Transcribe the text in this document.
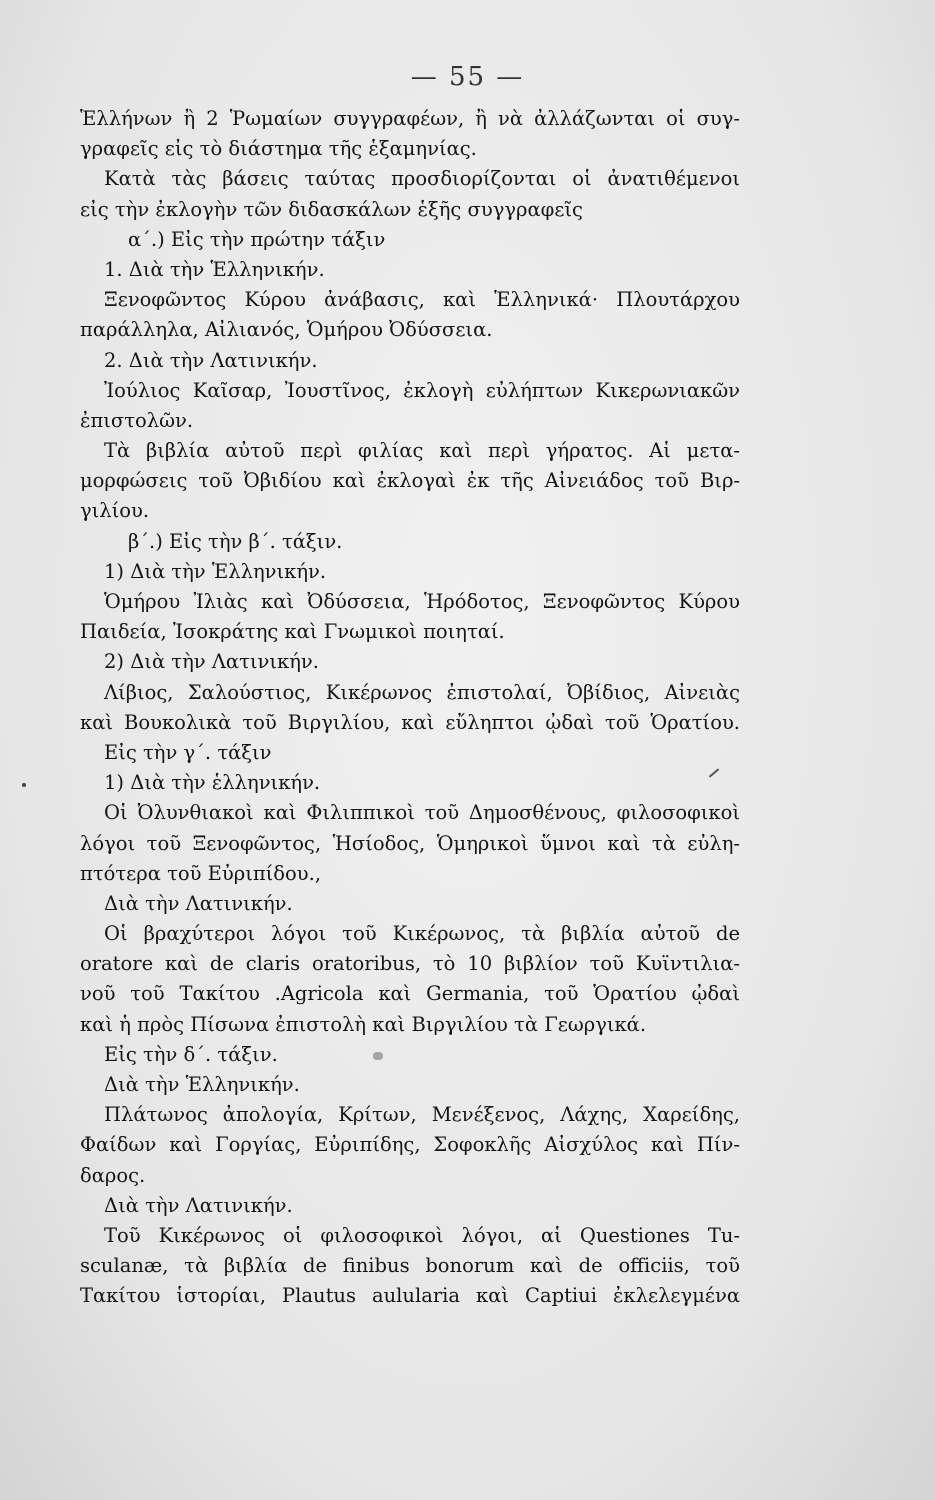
— 55 —
Ἑλλήνων ἢ 2 Ῥωμαίων συγγραφέων, ἢ νὰ ἀλλάζωνται οἱ συγ-
γραφεῖς εἰς τὸ διάστημα τῆς ἑξαμηνίας.
Κατὰ τὰς βάσεις ταύτας προσδιορίζονται οἱ ἀνατιθέμενοι
εἰς τὴν ἐκλογὴν τῶν διδασκάλων ἑξῆς συγγραφεῖς
α΄.) Εἰς τὴν πρώτην τάξιν
1. Διὰ τὴν Ἑλληνικήν.
Ξενοφῶντος Κύρου ἀνάβασις, καὶ Ἑλληνικά· Πλουτάρχου
παράλληλα, Αἰλιανός, Ὁμήρου Ὀδύσσεια.
2. Διὰ τὴν Λατινικήν.
Ἰούλιος Καῖσαρ, Ἰουστῖνος, ἐκλογὴ εὐλήπτων Κικερωνιακῶν
ἐπιστολῶν.
Τὰ βιβλία αὐτοῦ περὶ φιλίας καὶ περὶ γήρατος. Αἱ μετα-
μορφώσεις τοῦ Ὀβιδίου καὶ ἐκλογαὶ ἐκ τῆς Αἰνειάδος τοῦ Βιρ-
γιλίου.
β΄.) Εἰς τὴν β΄. τάξιν.
1) Διὰ τὴν Ἑλληνικήν.
Ὁμήρου Ἰλιὰς καὶ Ὀδύσσεια, Ἡρόδοτος, Ξενοφῶντος Κύρου
Παιδεία, Ἰσοκράτης καὶ Γνωμικοὶ ποιηταί.
2) Διὰ τὴν Λατινικήν.
Λίβιος, Σαλούστιος, Κικέρωνος ἐπιστολαί, Ὀβίδιος, Αἰνειὰς
καὶ Βουκολικὰ τοῦ Βιργιλίου, καὶ εὔληπτοι ᾠδαὶ τοῦ Ὁρατίου.
Εἰς τὴν γ΄. τάξιν
1) Διὰ τὴν ἑλληνικήν.
Οἱ Ὀλυνθιακοὶ καὶ Φιλιππικοὶ τοῦ Δημοσθένους, φιλοσοφικοὶ
λόγοι τοῦ Ξενοφῶντος, Ἡσίοδος, Ὁμηρικοὶ ὕμνοι καὶ τὰ εὐλη-
πτότερα τοῦ Εὐριπίδου.,
Διὰ τὴν Λατινικήν.
Οἱ βραχύτεροι λόγοι τοῦ Κικέρωνος, τὰ βιβλία αὐτοῦ de
oratore καὶ de claris oratoribus, τὸ 10 βιβλίον τοῦ Κυϊντιλια-
νοῦ τοῦ Τακίτου .Agricola καὶ Germania, τοῦ Ὁρατίου ᾠδαὶ
καὶ ἡ πρὸς Πίσωνα ἐπιστολὴ καὶ Βιργιλίου τὰ Γεωργικά.
Εἰς τὴν δ΄. τάξιν.
Διὰ τὴν Ἑλληνικήν.
Πλάτωνος ἀπολογία, Κρίτων, Μενέξενος, Λάχης, Χαρείδης,
Φαίδων καὶ Γοργίας, Εὐριπίδης, Σοφοκλῆς Αἰσχύλος καὶ Πίν-
δαρος.
Διὰ τὴν Λατινικήν.
Τοῦ Κικέρωνος οἱ φιλοσοφικοὶ λόγοι, αἱ Questiones Tu-
sculanæ, τὰ βιβλία de finibus bonorum καὶ de officiis, τοῦ
Τακίτου ἱστορίαι, Plautus aulularia καὶ Captiui ἐκλελεγμένα
